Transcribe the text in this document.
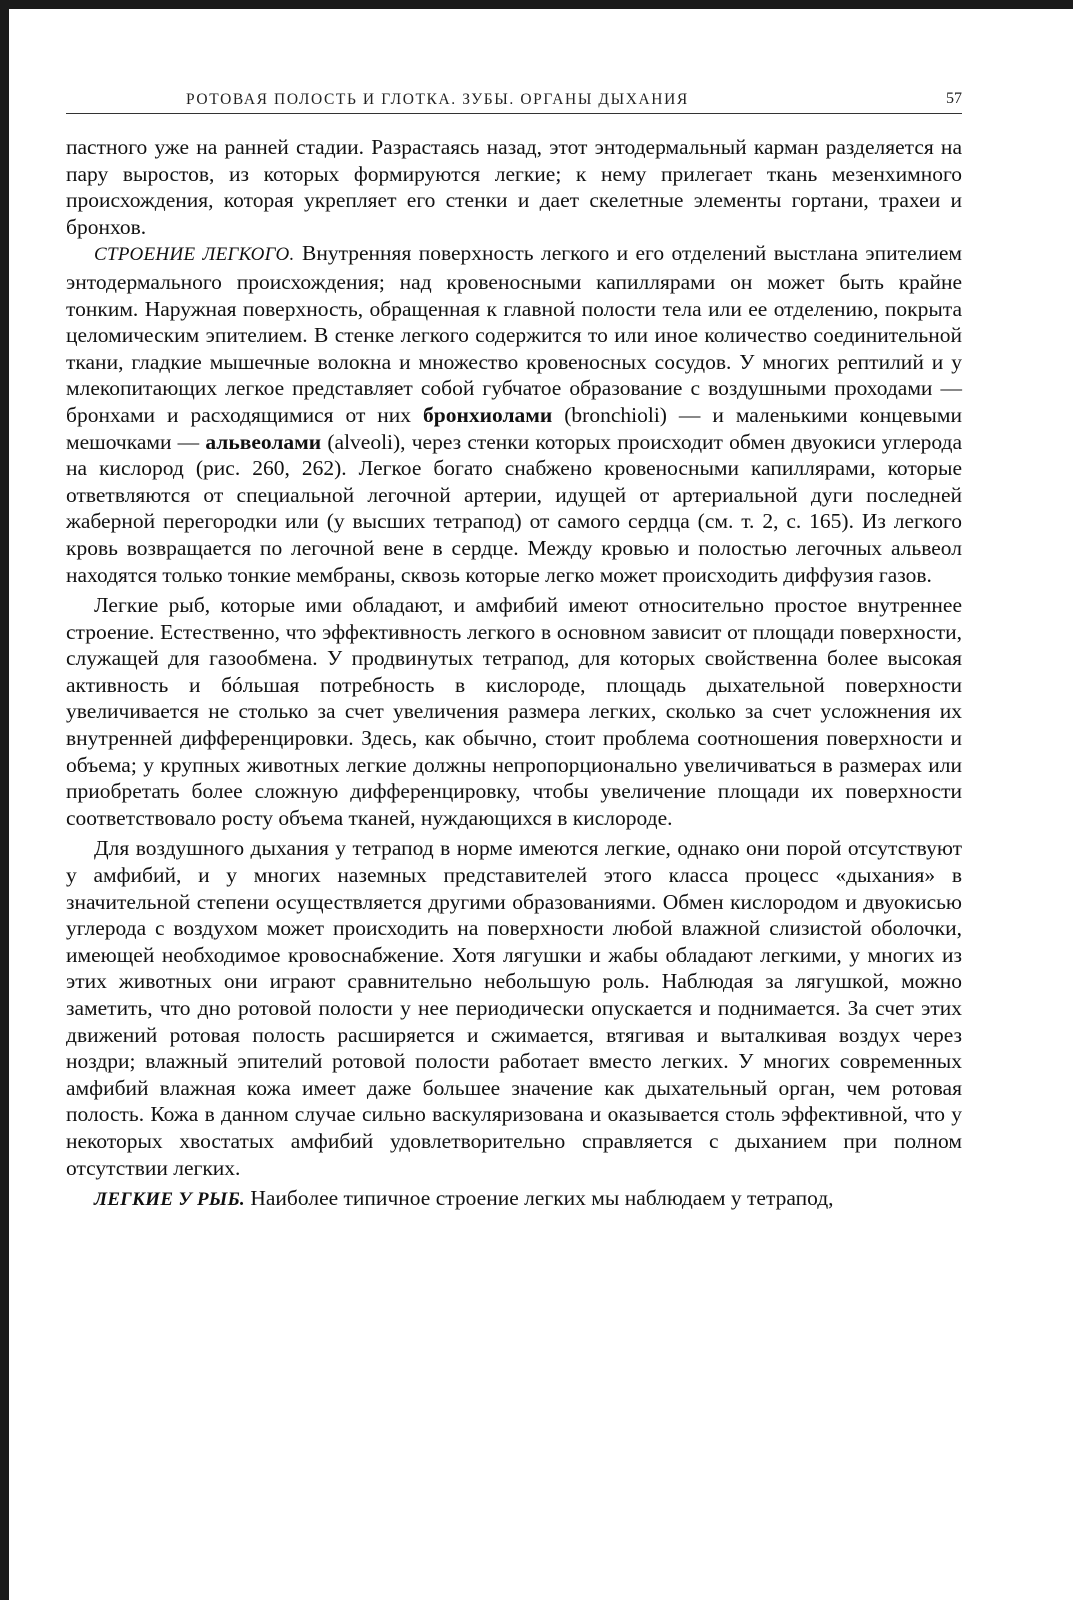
РОТОВАЯ ПОЛОСТЬ И ГЛОТКА. ЗУБЫ. ОРГАНЫ ДЫХАНИЯ	57

пастного уже на ранней стадии. Разрастаясь назад, этот энтодермальный карман разделяется на пару выростов, из которых формируются легкие; к нему прилегает ткань мезенхимного происхождения, которая укрепляет его стенки и дает скелетные элементы гортани, трахеи и бронхов.

СТРОЕНИЕ ЛЕГКОГО. Внутренняя поверхность легкого и его отделений выстлана эпителием энтодермального происхождения; над кровеносными капиллярами он может быть крайне тонким. Наружная поверхность, обращенная к главной полости тела или ее отделению, покрыта целомическим эпителием. В стенке легкого содержится то или иное количество соединительной ткани, гладкие мышечные волокна и множество кровеносных сосудов. У многих рептилий и у млекопитающих легкое представляет собой губчатое образование с воздушными проходами — бронхами и расходящимися от них бронхиолами (bronchioli) — и маленькими концевыми мешочками — альвеолами (alveoli), через стенки которых происходит обмен двуокиси углерода на кислород (рис. 260, 262). Легкое богато снабжено кровеносными капиллярами, которые ответвляются от специальной легочной артерии, идущей от артериальной дуги последней жаберной перегородки или (у высших тетрапод) от самого сердца (см. т. 2, с. 165). Из легкого кровь возвращается по легочной вене в сердце. Между кровью и полостью легочных альвеол находятся только тонкие мембраны, сквозь которые легко может происходить диффузия газов.

Легкие рыб, которые ими обладают, и амфибий имеют относительно простое внутреннее строение. Естественно, что эффективность легкого в основном зависит от площади поверхности, служащей для газообмена. У продвинутых тетрапод, для которых свойственна более высокая активность и бóльшая потребность в кислороде, площадь дыхательной поверхности увеличивается не столько за счет увеличения размера легких, сколько за счет усложнения их внутренней дифференцировки. Здесь, как обычно, стоит проблема соотношения поверхности и объема; у крупных животных легкие должны непропорционально увеличиваться в размерах или приобретать более сложную дифференцировку, чтобы увеличение площади их поверхности соответствовало росту объема тканей, нуждающихся в кислороде.

Для воздушного дыхания у тетрапод в норме имеются легкие, однако они порой отсутствуют у амфибий, и у многих наземных представителей этого класса процесс «дыхания» в значительной степени осуществляется другими образованиями. Обмен кислородом и двуокисью углерода с воздухом может происходить на поверхности любой влажной слизистой оболочки, имеющей необходимое кровоснабжение. Хотя лягушки и жабы обладают легкими, у многих из этих животных они играют сравнительно небольшую роль. Наблюдая за лягушкой, можно заметить, что дно ротовой полости у нее периодически опускается и поднимается. За счет этих движений ротовая полость расширяется и сжимается, втягивая и выталкивая воздух через ноздри; влажный эпителий ротовой полости работает вместо легких. У многих современных амфибий влажная кожа имеет даже большее значение как дыхательный орган, чем ротовая полость. Кожа в данном случае сильно васкуляризована и оказывается столь эффективной, что у некоторых хвостатых амфибий удовлетворительно справляется с дыханием при полном отсутствии легких.

ЛЕГКИЕ У РЫБ. Наиболее типичное строение легких мы наблюдаем у тетрапод,
